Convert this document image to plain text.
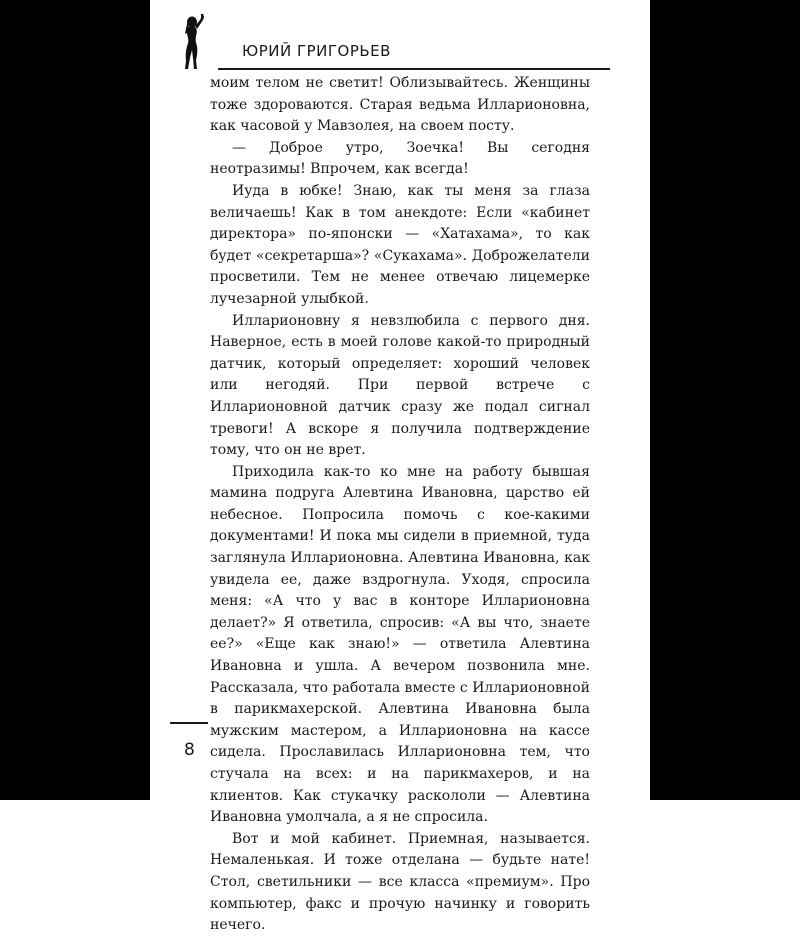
ЮРИЙ ГРИГОРЬЕВ

моим телом не светит! Облизывайтесь. Женщины тоже здороваются. Старая ведьма Илларионовна, как часовой у Мавзолея, на своем посту.

— Доброе утро, Зоечка! Вы сегодня неотразимы! Впрочем, как всегда!

Иуда в юбке! Знаю, как ты меня за глаза величаешь! Как в том анекдоте: Если «кабинет директора» по-японски — «Хатахама», то как будет «секретарша»? «Сукахама». Доброжелатели просветили. Тем не менее отвечаю лицемерке лучезарной улыбкой.

Илларионовну я невзлюбила с первого дня. Наверное, есть в моей голове какой-то природный датчик, который определяет: хороший человек или негодяй. При первой встрече с Илларионовной датчик сразу же подал сигнал тревоги! А вскоре я получила подтверждение тому, что он не врет.

Приходила как-то ко мне на работу бывшая мамина подруга Алевтина Ивановна, царство ей небесное. Попросила помочь с кое-какими документами! И пока мы сидели в приемной, туда заглянула Илларионовна. Алевтина Ивановна, как увидела ее, даже вздрогнула. Уходя, спросила меня: «А что у вас в конторе Илларионовна делает?» Я ответила, спросив: «А вы что, знаете ее?» «Еще как знаю!» — ответила Алевтина Ивановна и ушла. А вечером позвонила мне. Рассказала, что работала вместе с Илларионовной в парикмахерской. Алевтина Ивановна была мужским мастером, а Илларионовна на кассе сидела. Прославилась Илларионовна тем, что стучала на всех: и на парикмахеров, и на клиентов. Как стукачку раскололи — Алевтина Ивановна умолчала, а я не спросила.

Вот и мой кабинет. Приемная, называется. Немаленькая. И тоже отделана — будьте нате! Стол, светильники — все класса «премиум». Про компьютер, факс и прочую начинку и говорить нечего.

8
